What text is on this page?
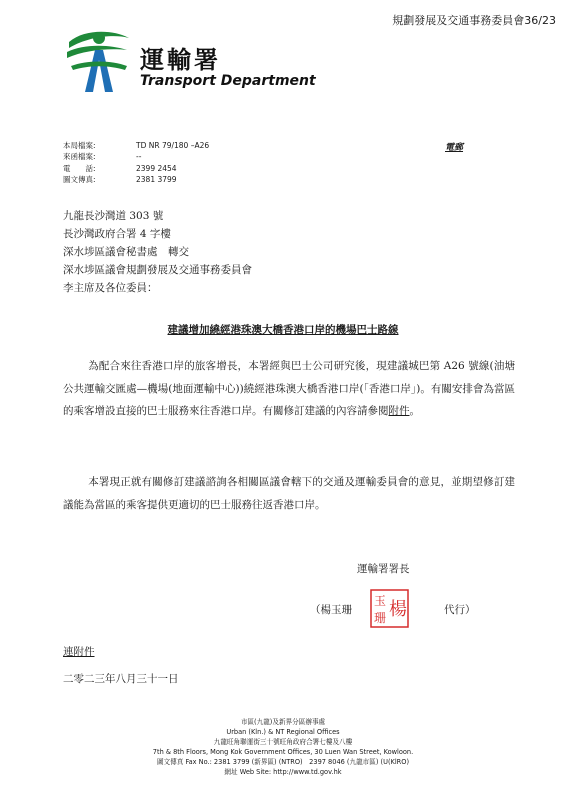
規劃發展及交通事務委員會36/23
運輸署
Transport Department
本局檔案:	TD NR 79/180 –A26
來函檔案:	--
電　　話:	2399 2454
圖文傳真:	2381 3799
電郵
九龍長沙灣道 303 號
長沙灣政府合署 4 字樓
深水埗區議會秘書處　轉交
深水埗區議會規劃發展及交通事務委員會
李主席及各位委員：
建議增加繞經港珠澳大橋香港口岸的機場巴士路線
為配合來往香港口岸的旅客增長，本署經與巴士公司研究後，現建議城巴第 A26 號線(油塘公共運輸交匯處—機場(地面運輸中心))繞經港珠澳大橋香港口岸(「香港口岸」)。有關安排會為當區的乘客增設直接的巴士服務來往香港口岸。有關修訂建議的內容請參閱附件。
本署現正就有關修訂建議諮詢各相關區議會轄下的交通及運輸委員會的意見，並期望修訂建議能為當區的乘客提供更適切的巴士服務往返香港口岸。
運輸署署長
（楊玉珊
玉
珊 楊	代行）
連附件
二零二三年八月三十一日
市區(九龍)及新界分區辦事處
Urban (Kln.) & NT Regional Offices
九龍旺角聯運街三十號旺角政府合署七樓及八樓
7th & 8th Floors, Mong Kok Government Offices, 30 Luen Wan Street, Kowloon.
圖文傳真 Fax No.: 2381 3799 (新界區) (NTRO)　2397 8046 (九龍市區) (U(KlRO)
網址 Web Site: http://www.td.gov.hk
